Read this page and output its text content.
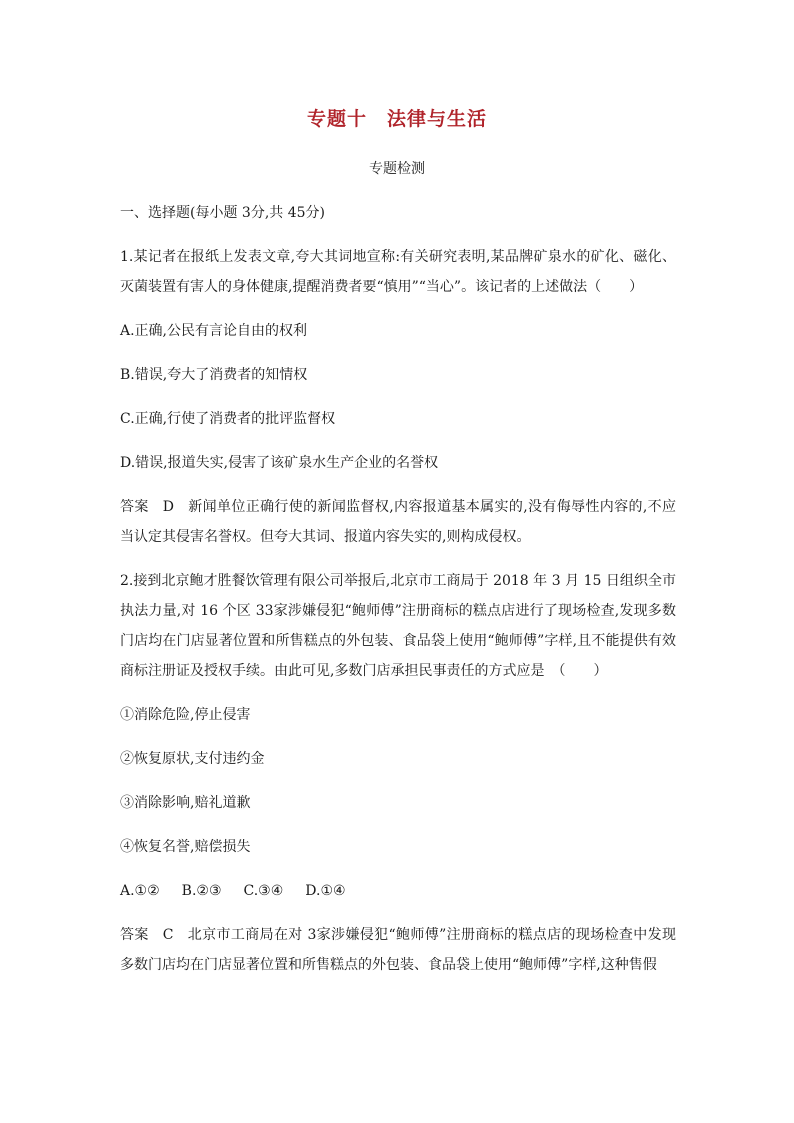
专题十　法律与生活
专题检测

一、选择题(每小题 3分,共 45分)

1.某记者在报纸上发表文章,夸大其词地宣称:有关研究表明,某品牌矿泉水的矿化、磁化、灭菌装置有害人的身体健康,提醒消费者要“慎用”“当心”。该记者的上述做法（　　）

A.正确,公民有言论自由的权利

B.错误,夸大了消费者的知情权

C.正确,行使了消费者的批评监督权

D.错误,报道失实,侵害了该矿泉水生产企业的名誉权

答案 D 新闻单位正确行使的新闻监督权,内容报道基本属实的,没有侮辱性内容的,不应当认定其侵害名誉权。但夸大其词、报道内容失实的,则构成侵权。

2.接到北京鲍才胜餐饮管理有限公司举报后,北京市工商局于 2018 年 3 月 15 日组织全市执法力量,对 16 个区 33家涉嫌侵犯“鲍师傅”注册商标的糕点店进行了现场检查,发现多数门店均在门店显著位置和所售糕点的外包装、食品袋上使用“鲍师傅”字样,且不能提供有效商标注册证及授权手续。由此可见,多数门店承担民事责任的方式应是　（　　）

①消除危险,停止侵害

②恢复原状,支付违约金

③消除影响,赔礼道歉

④恢复名誉,赔偿损失

A.①② B.②③ C.③④ D.①④

答案 C 北京市工商局在对 3家涉嫌侵犯“鲍师傅”注册商标的糕点店的现场检查中发现多数门店均在门店显著位置和所售糕点的外包装、食品袋上使用“鲍师傅”字样,这种售假
